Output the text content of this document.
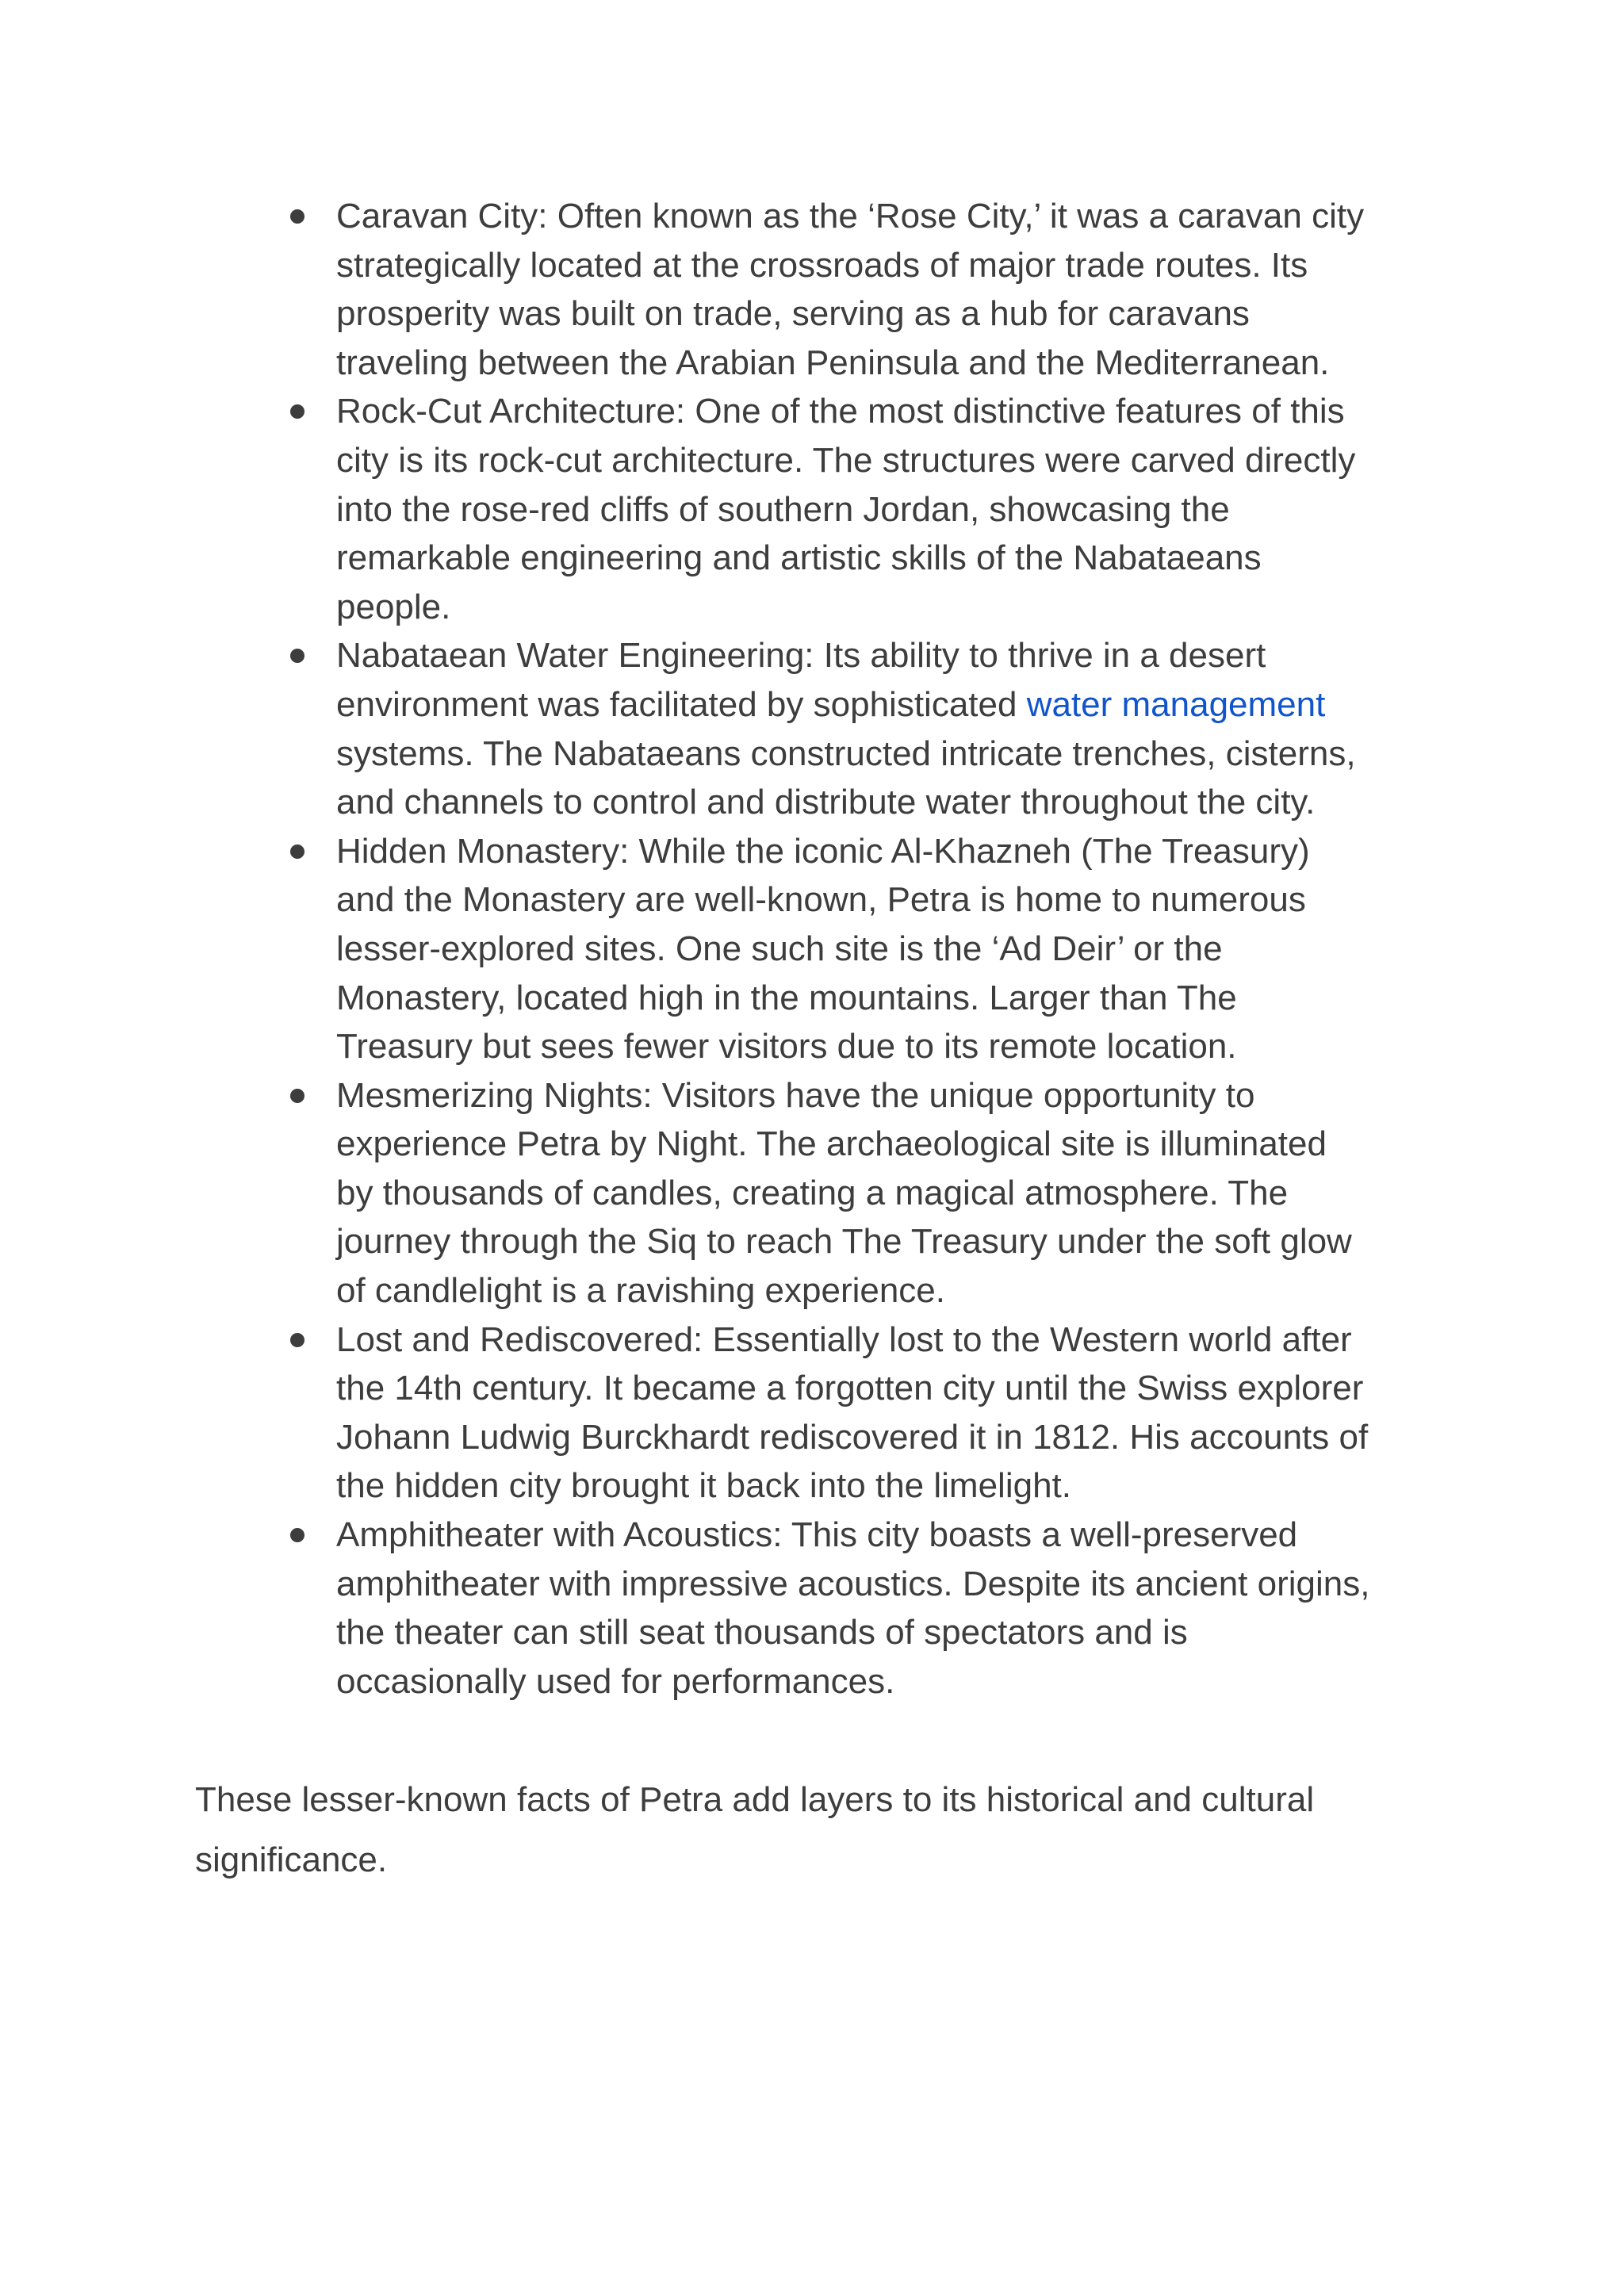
Caravan City: Often known as the ‘Rose City,’ it was a caravan city
strategically located at the crossroads of major trade routes. Its
prosperity was built on trade, serving as a hub for caravans
traveling between the Arabian Peninsula and the Mediterranean.
Rock-Cut Architecture: One of the most distinctive features of this
city is its rock-cut architecture. The structures were carved directly
into the rose-red cliffs of southern Jordan, showcasing the
remarkable engineering and artistic skills of the Nabataeans
people.
Nabataean Water Engineering: Its ability to thrive in a desert
environment was facilitated by sophisticated water management
systems. The Nabataeans constructed intricate trenches, cisterns,
and channels to control and distribute water throughout the city.
Hidden Monastery: While the iconic Al-Khazneh (The Treasury)
and the Monastery are well-known, Petra is home to numerous
lesser-explored sites. One such site is the ‘Ad Deir’ or the
Monastery, located high in the mountains. Larger than The
Treasury but sees fewer visitors due to its remote location.
Mesmerizing Nights: Visitors have the unique opportunity to
experience Petra by Night. The archaeological site is illuminated
by thousands of candles, creating a magical atmosphere. The
journey through the Siq to reach The Treasury under the soft glow
of candlelight is a ravishing experience.
Lost and Rediscovered: Essentially lost to the Western world after
the 14th century. It became a forgotten city until the Swiss explorer
Johann Ludwig Burckhardt rediscovered it in 1812. His accounts of
the hidden city brought it back into the limelight.
Amphitheater with Acoustics: This city boasts a well-preserved
amphitheater with impressive acoustics. Despite its ancient origins,
the theater can still seat thousands of spectators and is
occasionally used for performances.

These lesser-known facts of Petra add layers to its historical and cultural
significance.
